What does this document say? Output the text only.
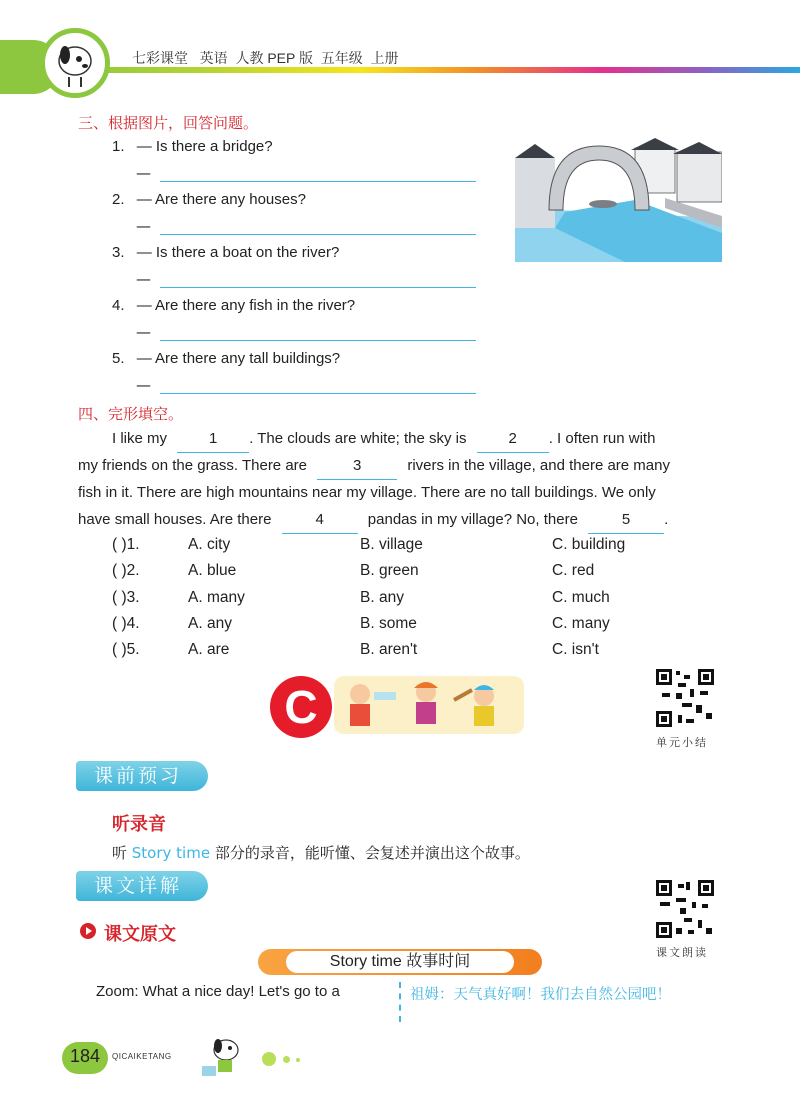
七彩课堂   英语  人教 PEP 版  五年级  上册
三、根据图片，回答问题。
1. — Is there a bridge?
—
2. — Are there any houses?
—
3. — Is there a boat on the river?
—
4. — Are there any fish in the river?
—
5. — Are there any tall buildings?
—
四、完形填空。
I like my	1 . The clouds are white; the sky is	2 . I often run with
my friends on the grass. There are	3	rivers in the village, and there are many
fish in it. There are high mountains near my village. There are no tall buildings. We only
have small houses. Are there	4	pandas in my village? No, there	5 .
( )1.	A. city	B. village	C. building
( )2.	A. blue	B. green	C. red
( )3.	A. many	B. any	C. much
( )4.	A. any	B. some	C. many
( )5.	A. are	B. aren't	C. isn't
C
单元小结
课前预习
听录音
听 Story time 部分的录音，能听懂、会复述并演出这个故事。
课文详解
课文朗读
课文原文
Story time 故事时间
Zoom: What a nice day! Let's go to a	祖姆：天气真好啊！我们去自然公园吧！
184	QICAIKETANG
